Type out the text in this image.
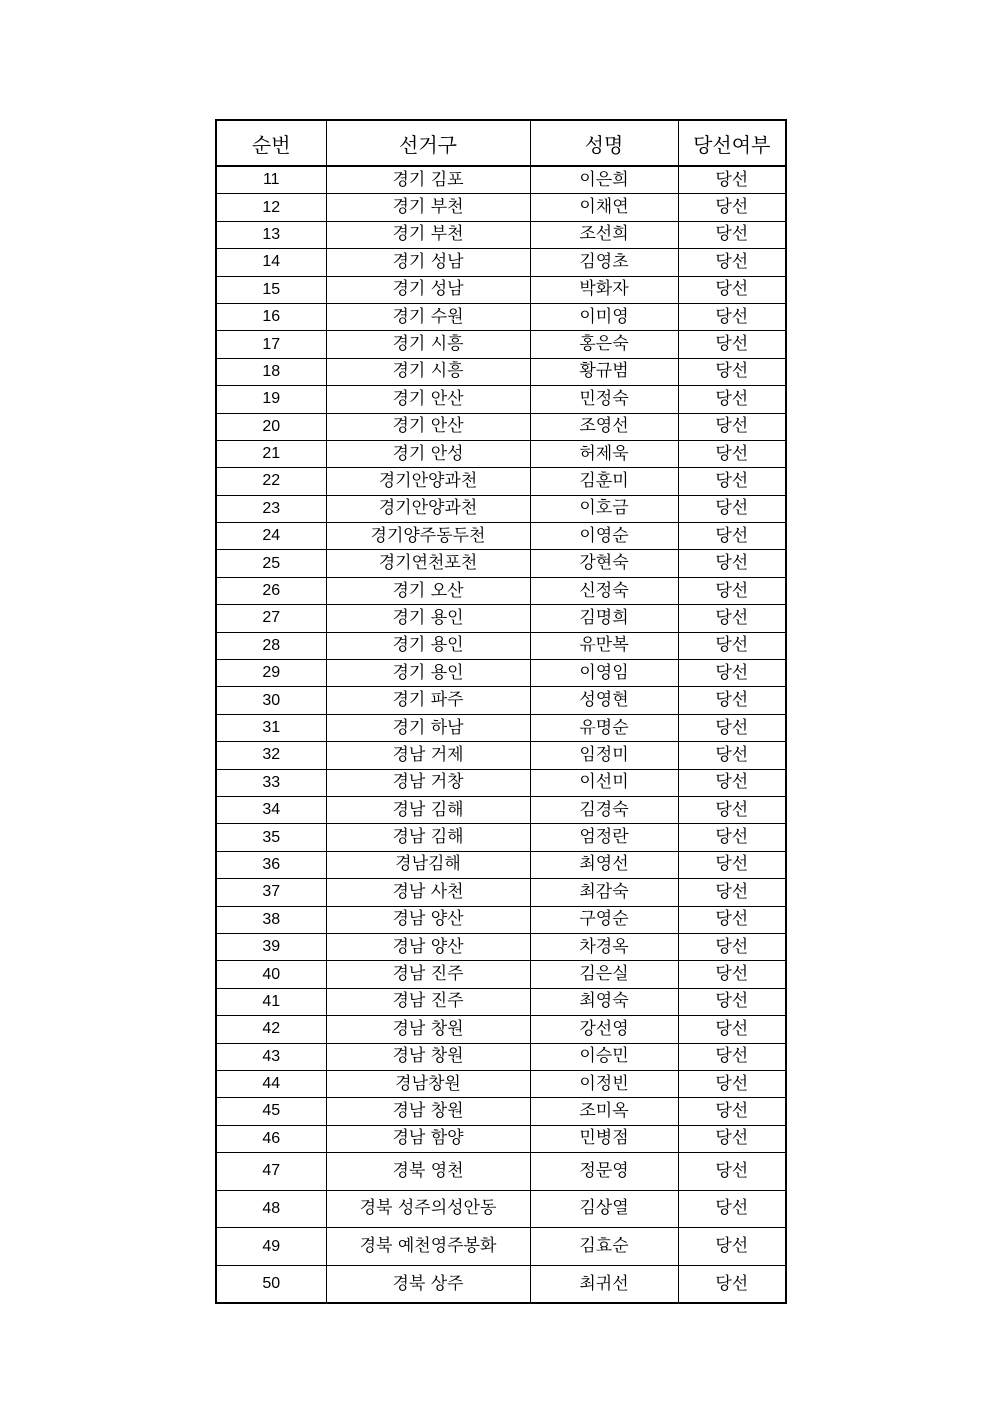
순번	선거구	성명	당선여부
11	경기 김포	이은희	당선
12	경기 부천	이채연	당선
13	경기 부천	조선희	당선
14	경기 성남	김영초	당선
15	경기 성남	박화자	당선
16	경기 수원	이미영	당선
17	경기 시흥	홍은숙	당선
18	경기 시흥	황규범	당선
19	경기 안산	민정숙	당선
20	경기 안산	조영선	당선
21	경기 안성	허제욱	당선
22	경기안양과천	김훈미	당선
23	경기안양과천	이호금	당선
24	경기양주동두천	이영순	당선
25	경기연천포천	강현숙	당선
26	경기 오산	신정숙	당선
27	경기 용인	김명희	당선
28	경기 용인	유만복	당선
29	경기 용인	이영임	당선
30	경기 파주	성영현	당선
31	경기 하남	유명순	당선
32	경남 거제	임정미	당선
33	경남 거창	이선미	당선
34	경남 김해	김경숙	당선
35	경남 김해	엄정란	당선
36	경남김해	최영선	당선
37	경남 사천	최감숙	당선
38	경남 양산	구영순	당선
39	경남 양산	차경옥	당선
40	경남 진주	김은실	당선
41	경남 진주	최영숙	당선
42	경남 창원	강선영	당선
43	경남 창원	이승민	당선
44	경남창원	이정빈	당선
45	경남 창원	조미옥	당선
46	경남 함양	민병점	당선
47	경북 영천	정문영	당선
48	경북 성주의성안동	김상열	당선
49	경북 예천영주봉화	김효순	당선
50	경북 상주	최귀선	당선
